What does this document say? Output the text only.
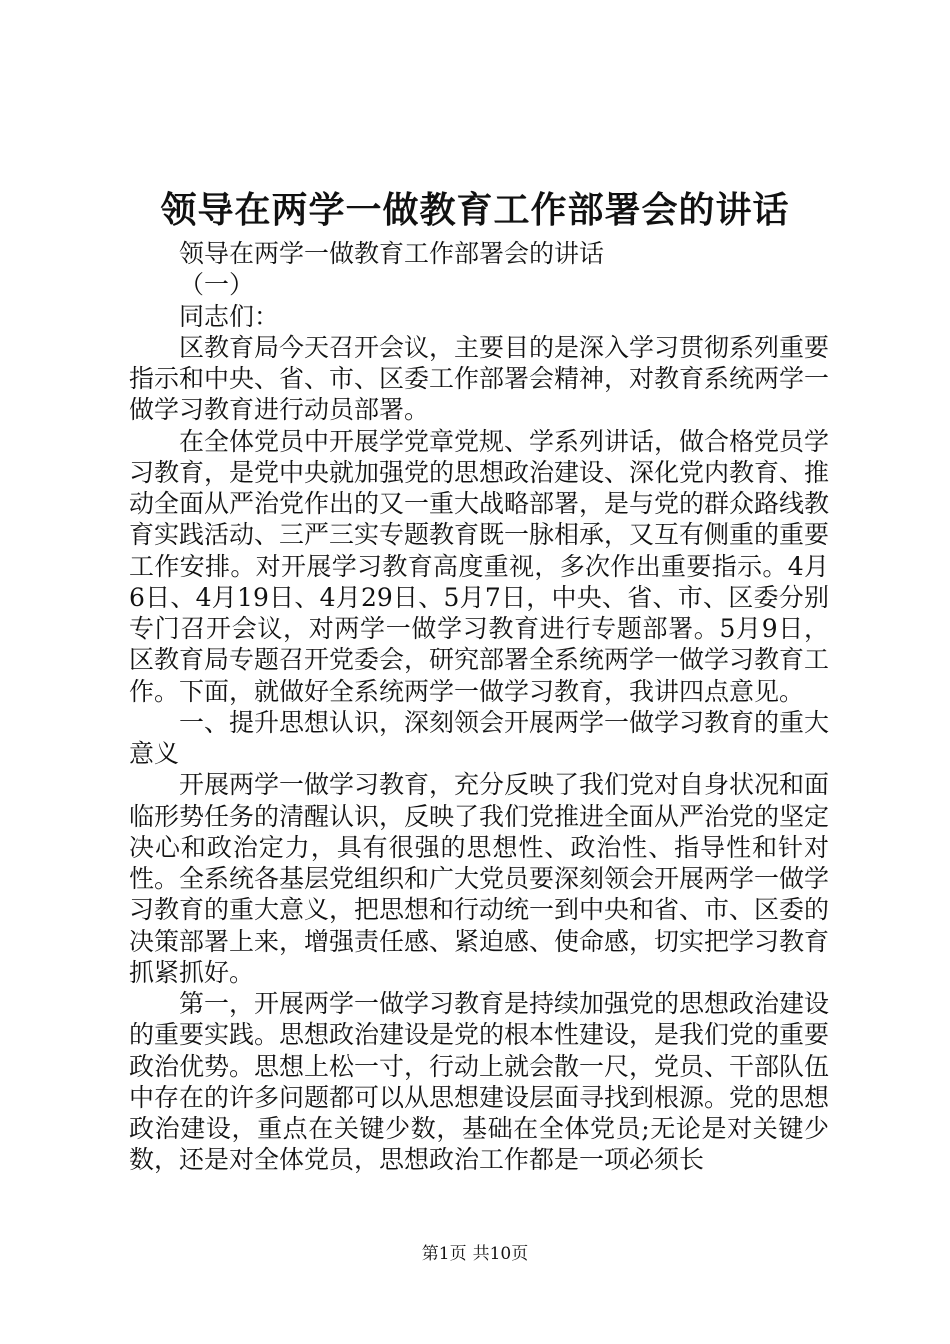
领导在两学一做教育工作部署会的讲话

领导在两学一做教育工作部署会的讲话

（一）

同志们：

区教育局今天召开会议，主要目的是深入学习贯彻系列重要指示和中央、省、市、区委工作部署会精神，对教育系统两学一做学习教育进行动员部署。

在全体党员中开展学党章党规、学系列讲话，做合格党员学习教育，是党中央就加强党的思想政治建设、深化党内教育、推动全面从严治党作出的又一重大战略部署，是与党的群众路线教育实践活动、三严三实专题教育既一脉相承，又互有侧重的重要工作安排。对开展学习教育高度重视，多次作出重要指示。4月6日、4月19日、4月29日、5月7日，中央、省、市、区委分别专门召开会议，对两学一做学习教育进行专题部署。5月9日，区教育局专题召开党委会，研究部署全系统两学一做学习教育工作。下面，就做好全系统两学一做学习教育，我讲四点意见。

一、提升思想认识，深刻领会开展两学一做学习教育的重大意义

开展两学一做学习教育，充分反映了我们党对自身状况和面临形势任务的清醒认识，反映了我们党推进全面从严治党的坚定决心和政治定力，具有很强的思想性、政治性、指导性和针对性。全系统各基层党组织和广大党员要深刻领会开展两学一做学习教育的重大意义，把思想和行动统一到中央和省、市、区委的决策部署上来，增强责任感、紧迫感、使命感，切实把学习教育抓紧抓好。

第一，开展两学一做学习教育是持续加强党的思想政治建设的重要实践。思想政治建设是党的根本性建设，是我们党的重要政治优势。思想上松一寸，行动上就会散一尺，党员、干部队伍中存在的许多问题都可以从思想建设层面寻找到根源。党的思想政治建设，重点在关键少数，基础在全体党员;无论是对关键少数，还是对全体党员，思想政治工作都是一项必须长

第1页 共10页
